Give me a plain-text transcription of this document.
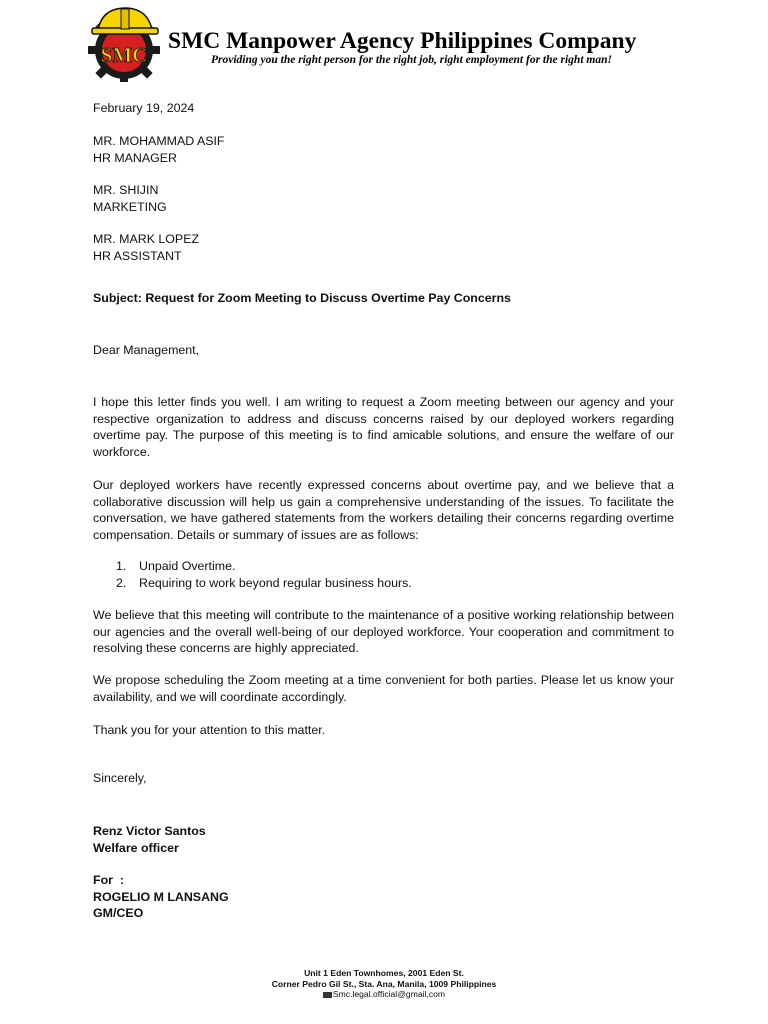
SMC
SMC Manpower Agency Philippines Company
Providing you the right person for the right job, right employment for the right man!

February 19, 2024

MR. MOHAMMAD ASIF

HR MANAGER

MR. SHIJIN

MARKETING

MR. MARK LOPEZ

HR ASSISTANT

Subject: Request for Zoom Meeting to Discuss Overtime Pay Concerns
Dear Management,
I hope this letter finds you well. I am writing to request a Zoom meeting between our agency and your respective organization to address and discuss concerns raised by our deployed workers regarding overtime pay. The purpose of this meeting is to find amicable solutions, and ensure the welfare of our workforce.
Our deployed workers have recently expressed concerns about overtime pay, and we believe that a collaborative discussion will help us gain a comprehensive understanding of the issues. To facilitate the conversation, we have gathered statements from the workers detailing their concerns regarding overtime compensation. Details or summary of issues are as follows:
1. Unpaid Overtime.
2. Requiring to work beyond regular business hours.
We believe that this meeting will contribute to the maintenance of a positive working relationship between our agencies and the overall well-being of our deployed workforce. Your cooperation and commitment to resolving these concerns are highly appreciated.
We propose scheduling the Zoom meeting at a time convenient for both parties. Please let us know your availability, and we will coordinate accordingly.
Thank you for your attention to this matter.
Sincerely,

Renz Victor Santos

Welfare officer

For  :

ROGELIO M LANSANG

GM/CEO

Unit 1 Eden Townhomes, 2001 Eden St.
Corner Pedro Gil St., Sta. Ana, Manila, 1009 Philippines
Smc.legal.official@gmail,com
